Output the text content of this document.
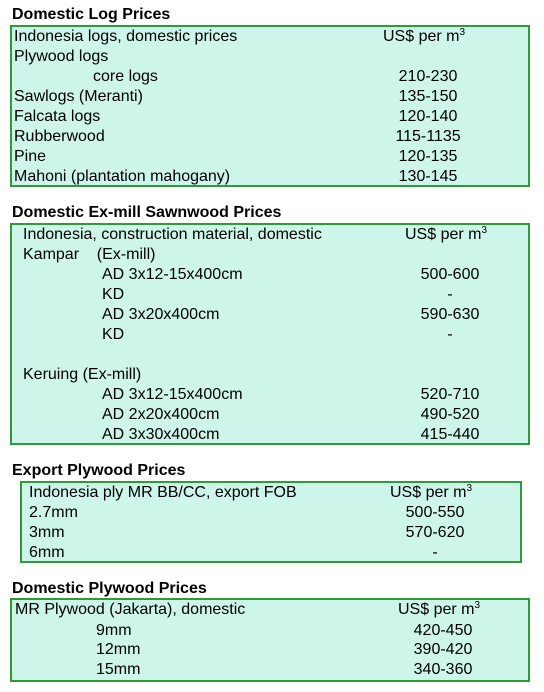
Domestic Log Prices
Indonesia logs, domestic prices	US$ per $m^3$
Plywood logs
core logs	210-230
Sawlogs (Meranti)	135-150
Falcata logs	120-140
Rubberwood	115-1135
Pine	120-135
Mahoni (plantation mahogany)	130-145
Domestic Ex-mill Sawnwood Prices
Indonesia, construction material, domestic	US$ per $m^3$
Kampar    (Ex-mill)
AD 3x12-15x400cm	500-600
KD	-
AD 3x20x400cm	590-630
KD	-
Keruing (Ex-mill)
AD 3x12-15x400cm	520-710
AD 2x20x400cm	490-520
AD 3x30x400cm	415-440
Export Plywood Prices
Indonesia ply MR BB/CC, export FOB	US$ per $m^3$
2.7mm	500-550
3mm	570-620
6mm	-
Domestic Plywood Prices
MR Plywood (Jakarta), domestic	US$ per $m^3$
9mm	420-450
12mm	390-420
15mm	340-360
